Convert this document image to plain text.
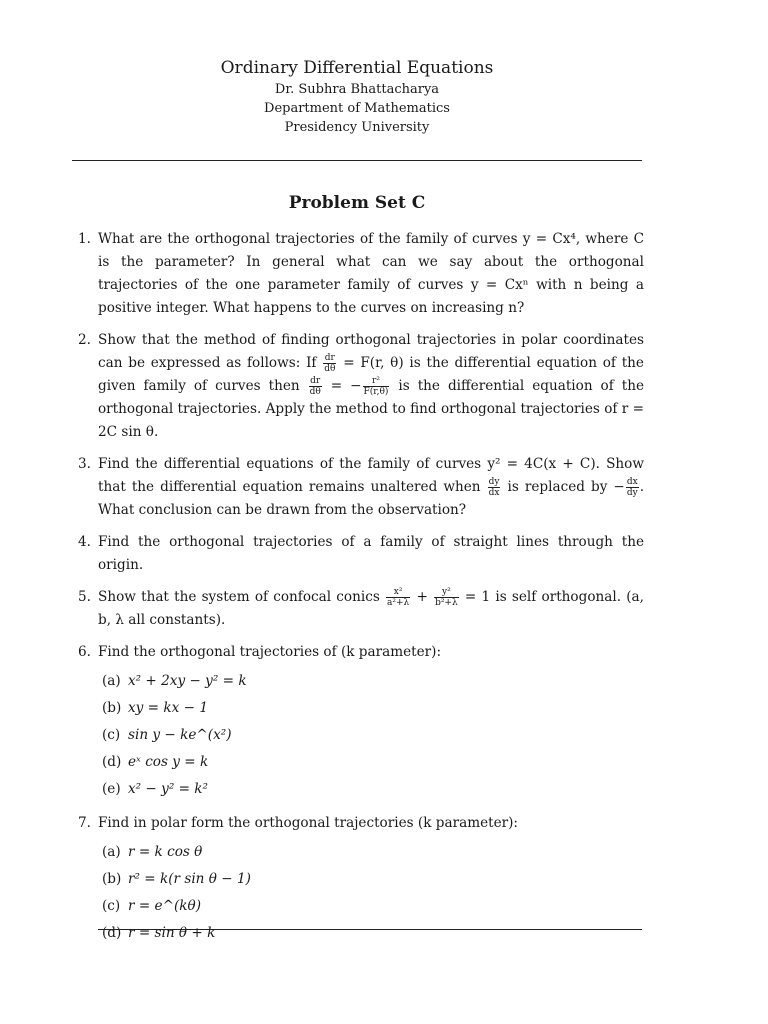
Ordinary Differential Equations

Dr. Subhra Bhattacharya

Department of Mathematics

Presidency University

Problem Set C

1. What are the orthogonal trajectories of the family of curves y = Cx⁴, where C is the parameter? In general what can we say about the orthogonal trajectories of the one parameter family of curves y = Cxⁿ with n being a positive integer. What happens to the curves on increasing n?
2. Show that the method of finding orthogonal trajectories in polar coordinates can be expressed as follows: If $\frac{dr}{d\theta} = F(r$, θ) is the differential equation of the given family of curves then $\frac{dr}{d\theta}$ = − $\frac{\text{r²}}{F(r,\theta)}$ is the differential equation of the orthogonal trajectories. Apply the method to find orthogonal trajectories of r = 2C sin θ.
3. Find the differential equations of the family of curves y² = 4C(x + C). Show that the differential equation remains unaltered when $\frac{dy}{dx}$ is replaced by − $\frac{dx}{dy}$ . What conclusion can be drawn from the observation?
4. Find the orthogonal trajectories of a family of straight lines through the origin.
5. Show that the system of confocal conics $\frac{\text{x²}}{\text{a²+λ}} + \frac{\text{y²}}{\text{b²+λ}} = 1$ is self orthogonal. (a, b, λ all constants).
6. Find the orthogonal trajectories of (k parameter):
(a) x² + 2xy − y² = k
(b) xy = kx − 1
(c) sin y − ke^(x²)
(d) eˣ cos y = k
(e) x² − y² = k²
7. Find in polar form the orthogonal trajectories (k parameter):
(a) r = k cos θ
(b) r² = k(r sin θ − 1)
(c) r = e^(kθ)
(d) r = sin θ + k
